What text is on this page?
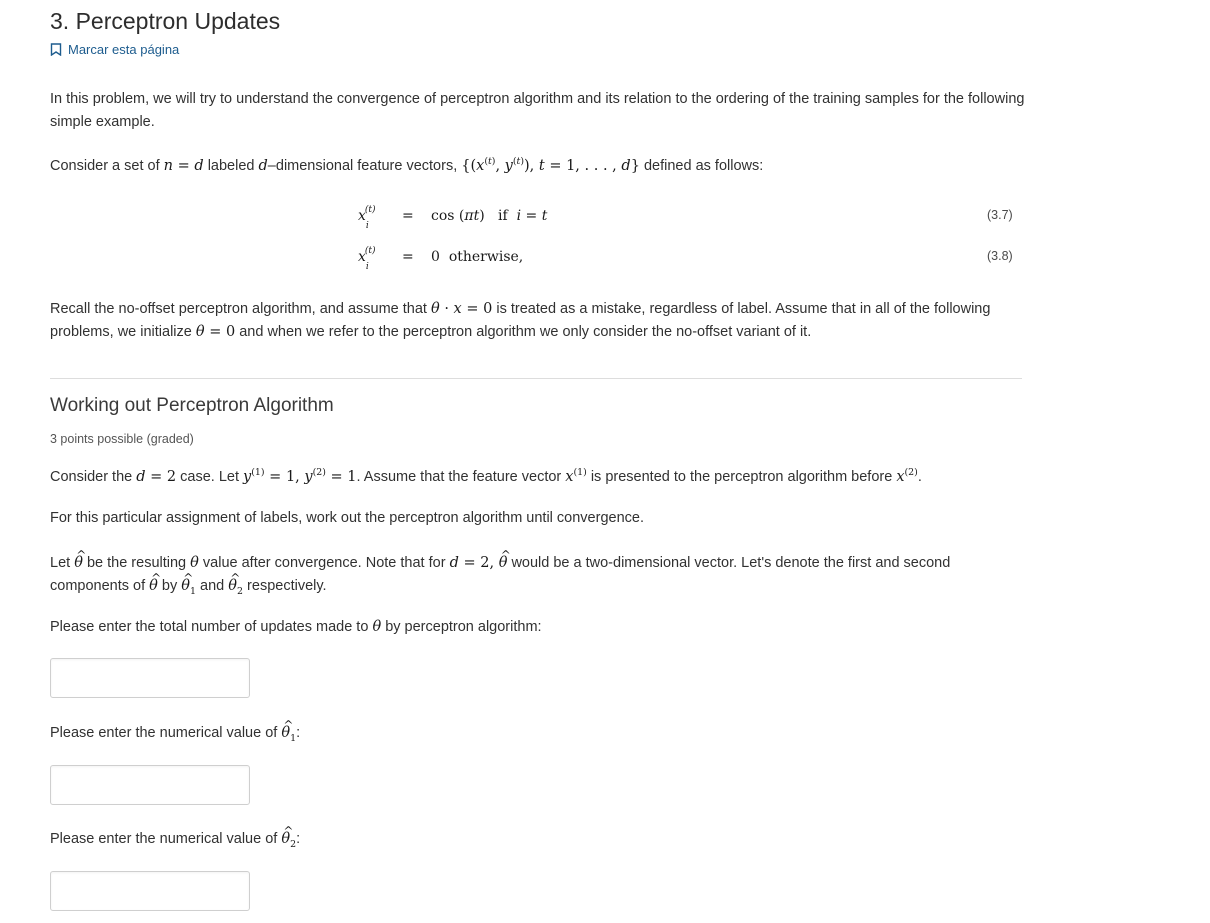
3. Perceptron Updates
Marcar esta página

In this problem, we will try to understand the convergence of perceptron algorithm and its relation to the ordering of the training samples for the following simple example.

Consider a set of n = d labeled d–dimensional feature vectors, {($x^{(t)}$, $y^{(t)}$), t = 1, . . . , d} defined as follows:

$x_i^{(t)} = \cos (\pi t)$   if i = t	(3.7)
$x_i^{(t)} = 0$ otherwise,	(3.8)

Recall the no-offset perceptron algorithm, and assume that θ · x = 0 is treated as a mistake, regardless of label. Assume that in all of the following problems, we initialize θ = 0 and when we refer to the perceptron algorithm we only consider the no-offset variant of it.

Working out Perceptron Algorithm
3 points possible (graded)

Consider the d = 2 case. Let $y^{(1)} = 1$, $y^{(2)} = 1$. Assume that the feature vector $x^{(1)}$ is presented to the perceptron algorithm before $x^{(2)}$.

For this particular assignment of labels, work out the perceptron algorithm until convergence.

Let ^ θ be the resulting θ value after convergence. Note that for d = 2, ^ θ would be a two-dimensional vector. Let's denote the first and second components of ^ θ by ^ $\theta_1$ and ^ $\theta_2$ respectively.

Please enter the total number of updates made to θ by perceptron algorithm:

Please enter the numerical value of ^ $\theta_1$:

Please enter the numerical value of ^ $\theta_2$:
